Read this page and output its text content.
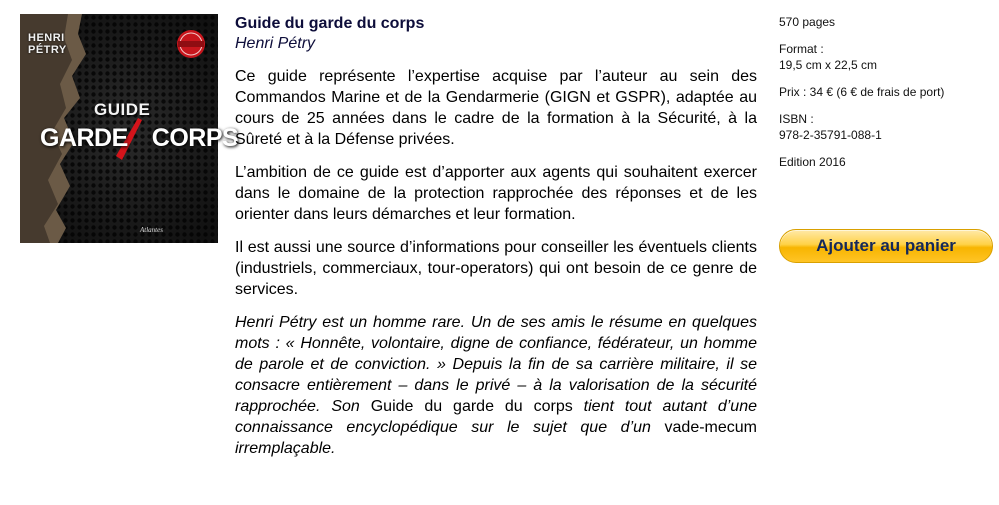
HENRI
PÉTRY
GUIDE
GARDE CORPS
Atlantes
Guide du garde du corps
Henri Pétry

Ce guide représente l’expertise acquise par l’auteur au sein des Commandos Marine et de la Gendarmerie (GIGN et GSPR), adaptée au cours de 25 années dans le cadre de la formation à la Sécurité, à la Sûreté et à la Défense privées.

L’ambition de ce guide est d’apporter aux agents qui souhaitent exercer dans le domaine de la protection rapprochée des réponses et de les orienter dans leurs démarches et leur formation.

Il est aussi une source d’informations pour conseiller les éventuels clients (industriels, commerciaux, tour-operators) qui ont besoin de ce genre de services.

Henri Pétry est un homme rare. Un de ses amis le résume en quelques mots : « Honnête, volontaire, digne de confiance, fédérateur, un homme de parole et de conviction. » Depuis la fin de sa carrière militaire, il se consacre entièrement – dans le privé – à la valorisation de la sécurité rapprochée. Son Guide du garde du corps tient tout autant d’une connaissance encyclopédique sur le sujet que d’un vade-mecum irremplaçable.

570 pages

Format :
19,5 cm x 22,5 cm

Prix : 34 € (6 € de frais de port)

ISBN :
978-2-35791-088-1

Edition 2016

Ajouter au panier
